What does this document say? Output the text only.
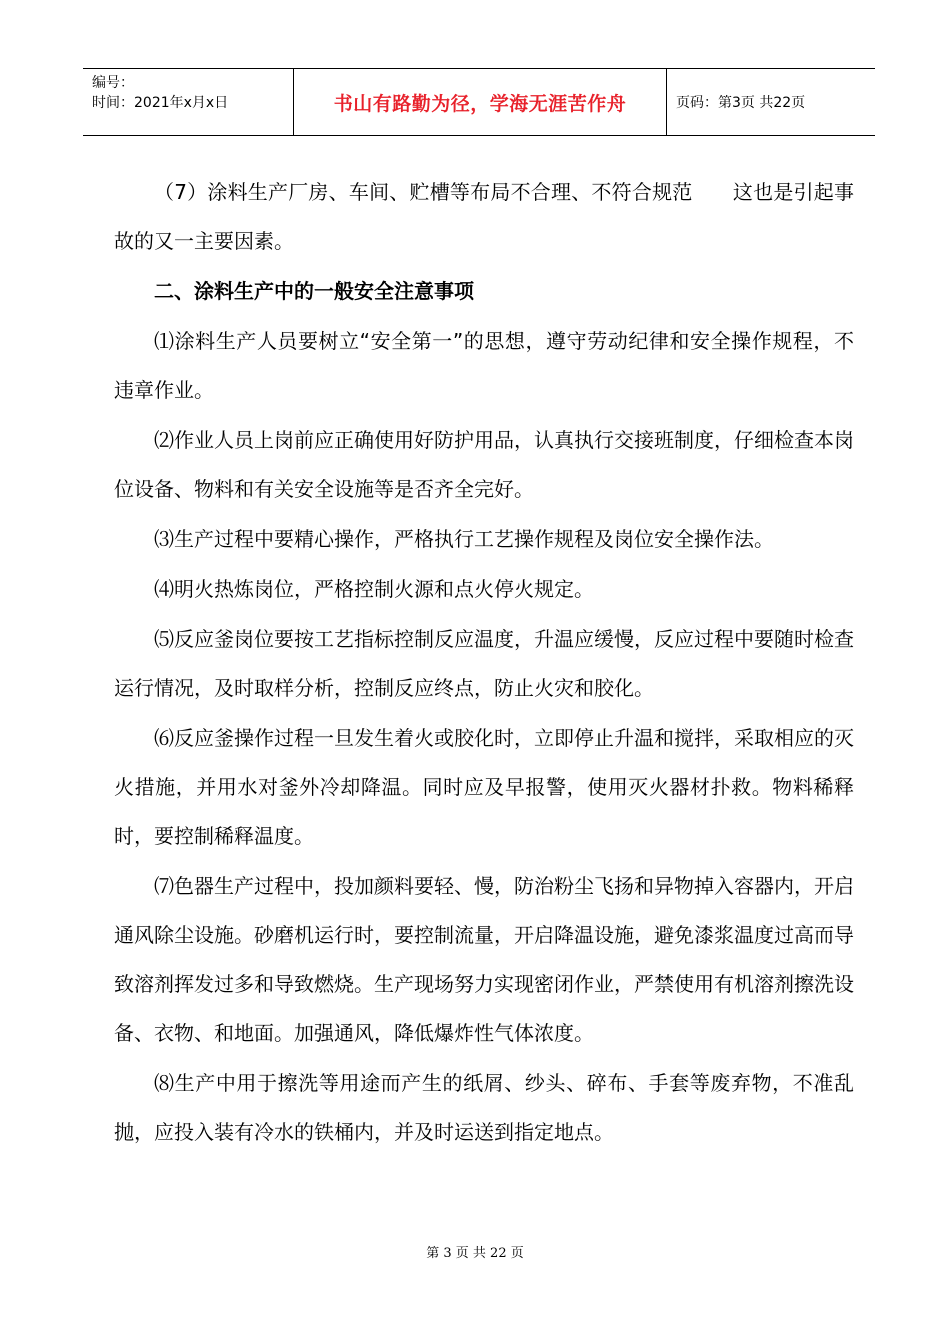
编号：
时间：2021年x月x日	书山有路勤为径，学海无涯苦作舟	页码：第3页 共22页

（7）涂料生产厂房、车间、贮槽等布局不合理、不符合规范　　这也是引起事故的又一主要因素。

二、涂料生产中的一般安全注意事项

⑴涂料生产人员要树立“安全第一”的思想，遵守劳动纪律和安全操作规程，不违章作业。

⑵作业人员上岗前应正确使用好防护用品，认真执行交接班制度，仔细检查本岗位设备、物料和有关安全设施等是否齐全完好。

⑶生产过程中要精心操作，严格执行工艺操作规程及岗位安全操作法。

⑷明火热炼岗位，严格控制火源和点火停火规定。

⑸反应釜岗位要按工艺指标控制反应温度，升温应缓慢，反应过程中要随时检查运行情况，及时取样分析，控制反应终点，防止火灾和胶化。

⑹反应釜操作过程一旦发生着火或胶化时，立即停止升温和搅拌，采取相应的灭火措施，并用水对釜外冷却降温。同时应及早报警，使用灭火器材扑救。物料稀释时，要控制稀释温度。

⑺色器生产过程中，投加颜料要轻、慢，防治粉尘飞扬和异物掉入容器内，开启通风除尘设施。砂磨机运行时，要控制流量，开启降温设施，避免漆浆温度过高而导致溶剂挥发过多和导致燃烧。生产现场努力实现密闭作业，严禁使用有机溶剂擦洗设备、衣物、和地面。加强通风，降低爆炸性气体浓度。

⑻生产中用于擦洗等用途而产生的纸屑、纱头、碎布、手套等废弃物，不准乱抛，应投入装有冷水的铁桶内，并及时运送到指定地点。

第 3 页 共 22 页
